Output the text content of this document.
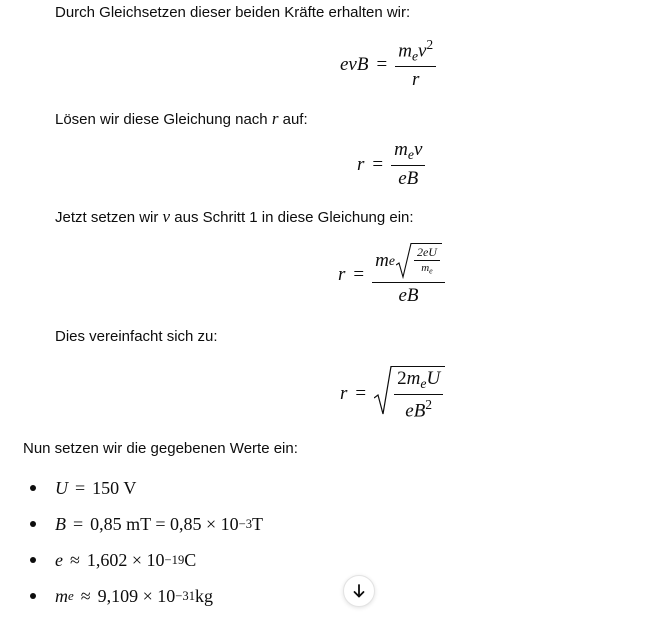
Durch Gleichsetzen dieser beiden Kräfte erhalten wir:
evB = $\frac{m_ev^2}{r}$
Lösen wir diese Gleichung nach r auf:
$r = \frac{m_ev}{eB}$
Jetzt setzen wir v aus Schritt 1 in diese Gleichung ein:
r =
m e $\frac{2eU}{m_e}$
eB
Dies vereinfacht sich zu:
$r = \frac{2m_eU}{eB^2}$
Nun setzen wir die gegebenen Werte ein:
U = 150 V
B = 0,85 mT = 0,85 × 10 −3 T
e ≈ 1,602 × 10 −19 C
m e ≈ 9,109 × 10 −31 kg
